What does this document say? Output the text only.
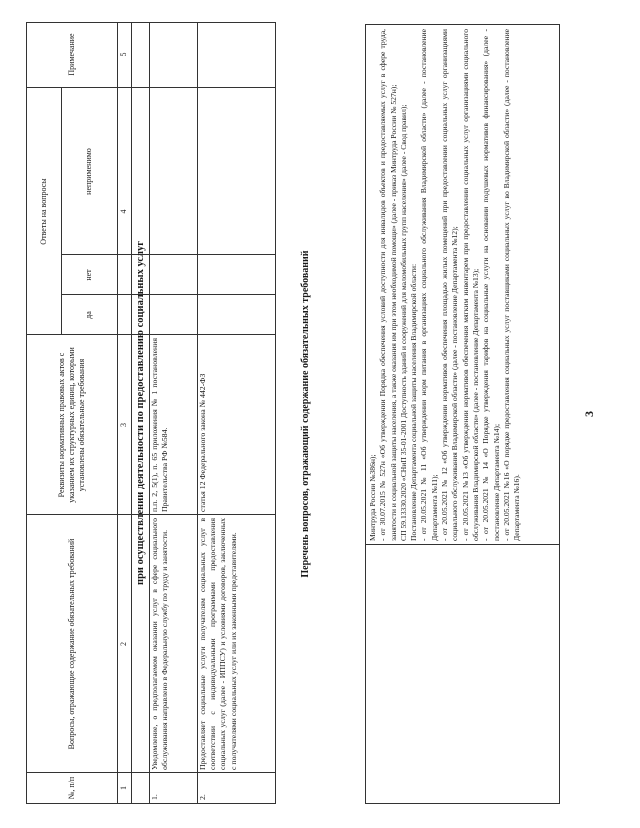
3

Минтруда России №386н); - от 30.07.2015 № 527н «Об утверждении Порядка обеспечения условий доступности для инвалидов объектов и предоставляемых услуг в сфере труда, занятости и социальной защиты населения, а также оказания им при этом необходимой помощи» (далее - приказ Минтруда России № 527н); СП 59.13330.2020 «СНиП 35-01-2001 Доступность зданий и сооружений для маломобильных групп населения» (далее - Свод правил); Постановление Департамента социальной защиты населения Владимирской области: - от 20.05.2021 № 11 «Об утверждении норм питания в организациях социального обслуживания Владимирской области» (далее - постановление Департамента №11); - от 20.05.2021 № 12 «Об утверждении нормативов обеспечения площадью жилых помещений при предоставлении социальных услуг организациями социального обслуживания Владимирской области» (далее - постановление Департамента №12); - от 20.05.2021 №13 «Об утверждении нормативов обеспечения мягким инвентарем при предоставлении социальных услуг организациями социального обслуживания Владимирской области» (далее - постановление Департамента №13); - от 20.05.2021 № 14 «О Порядке утверждения тарифов на социальные услуги на основании подушевых нормативов финансирования» (далее - постановление Департамента №14); - от 20.05.2021 №16 «О порядке предоставления социальных услуг поставщиками социальных услуг во Владимирской области» (далее - постановление Департамента №16).

Перечень вопросов, отражающий содержание обязательных требований
№, п/п
Вопросы, отражающие содержание обязательных требований
Реквизиты нормативных правовых актов с указанием их структурных единиц, которыми установлены обязательные требования
Ответы на вопросы
да
нет
неприменимо
Примечание
1
2
3
4
5
при осуществлении деятельности по предоставлению социальных услуг
1.
Уведомление, о предполагаемом оказании услуг в сфере социального обслуживания направлено в Федеральную службу по труду и занятости.
п.п. 2, 5(1), п. 65 приложения № 1 постановления Правительства РФ №584.
2.
Предоставляет социальные услуги получателям социальных услуг в соответствии с индивидуальными программами предоставления социальных услуг (далее - ИППСУ) и условиями договоров, заключенных с получателями социальных услуг или их законными представителями.
статья 12 Федерального закона № 442-ФЗ
